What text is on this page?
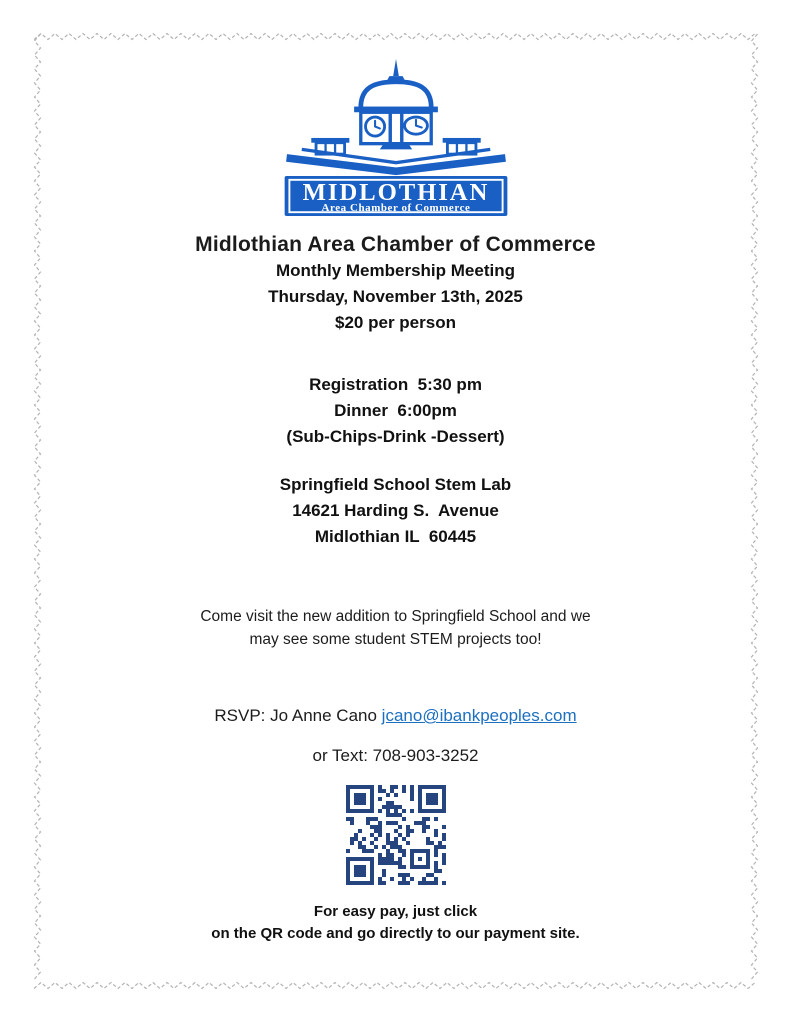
MIDLOTHIAN
Area Chamber of Commerce
Midlothian Area Chamber of Commerce
Monthly Membership Meeting
Thursday, November 13th, 2025
$20 per person
Registration  5:30 pm
Dinner  6:00pm
(Sub-Chips-Drink -Dessert)
Springfield School Stem Lab
14621 Harding S.  Avenue
Midlothian IL  60445
Come visit the new addition to Springfield School and we
may see some student STEM projects too!
RSVP: Jo Anne Cano jcano@ibankpeoples.com
or Text: 708-903-3252
For easy pay, just click
on the QR code and go directly to our payment site.
